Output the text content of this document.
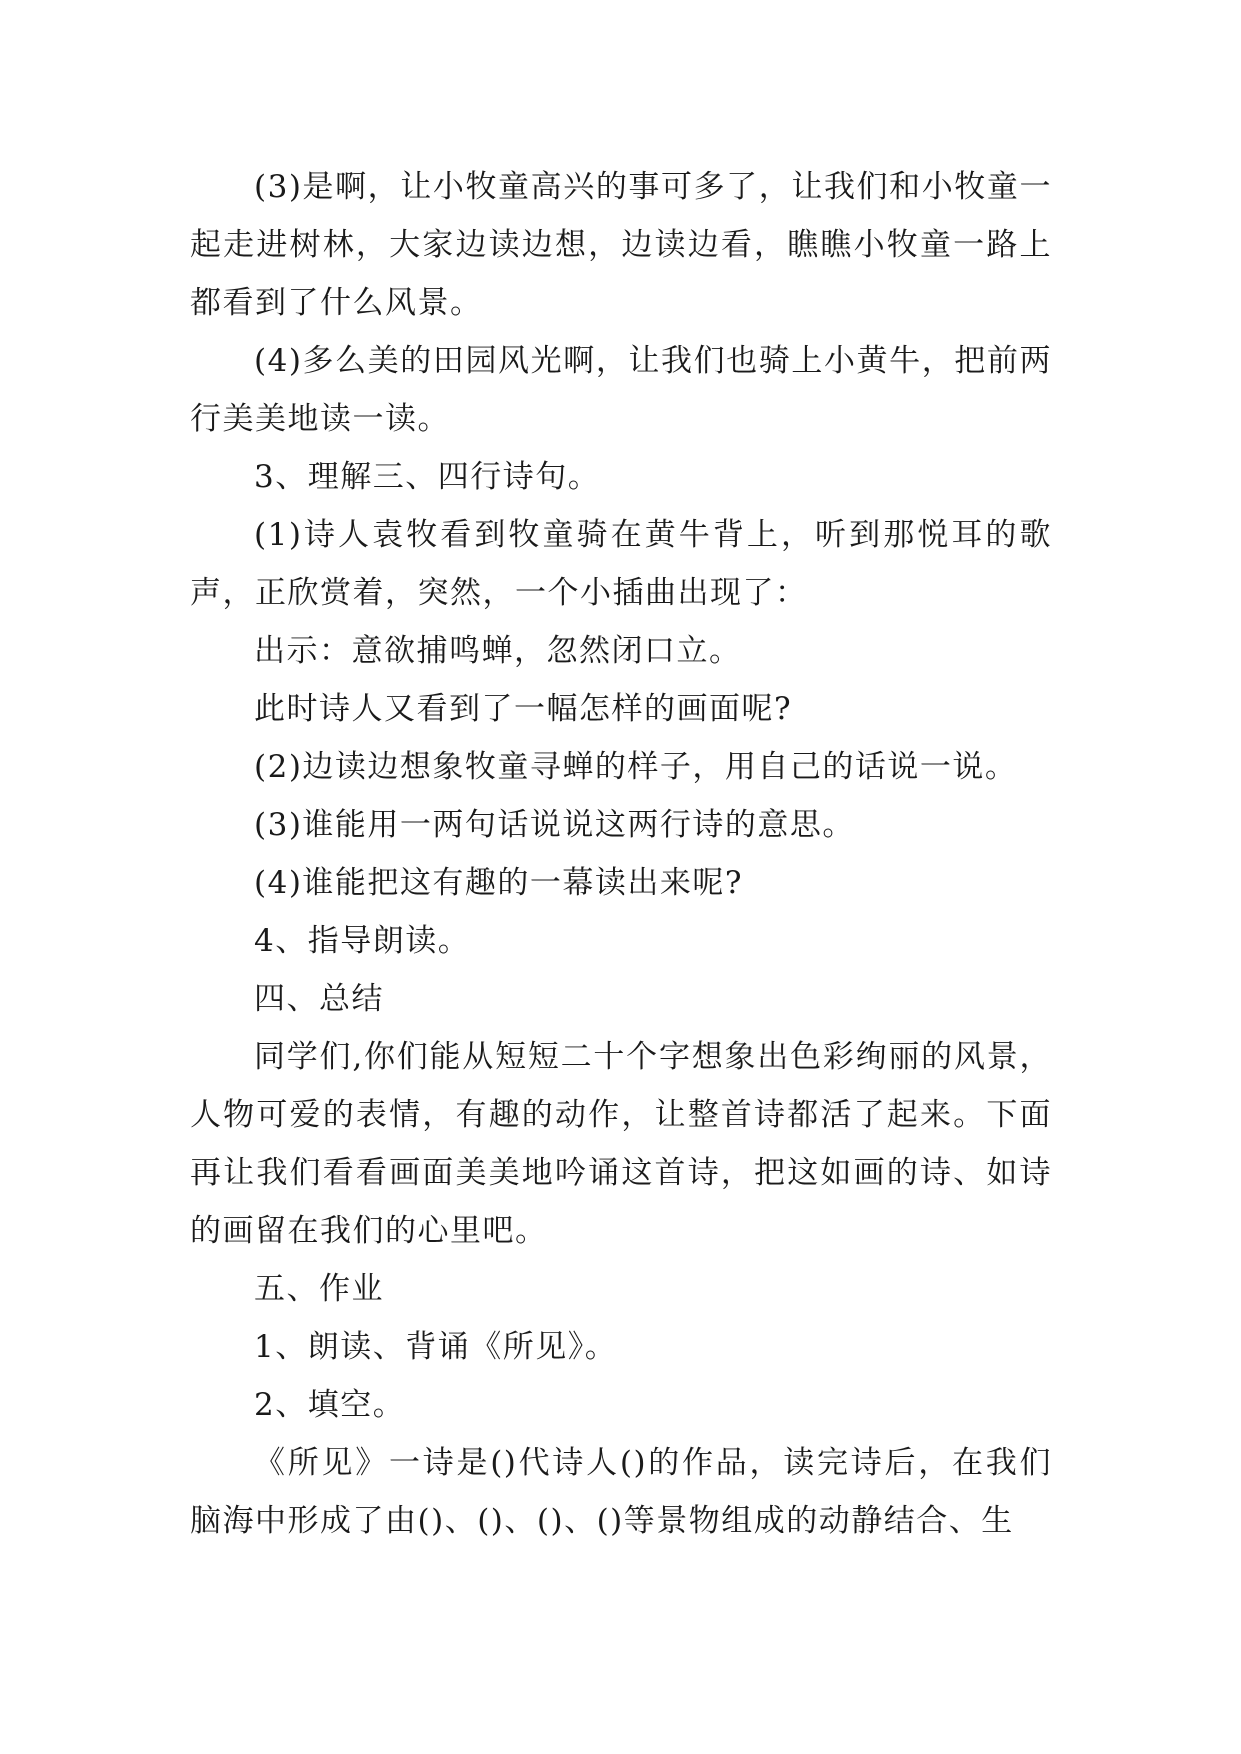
(3)是啊，让小牧童高兴的事可多了，让我们和小牧童一起走进树林，大家边读边想，边读边看，瞧瞧小牧童一路上都看到了什么风景。

(4)多么美的田园风光啊，让我们也骑上小黄牛，把前两行美美地读一读。

3、理解三、四行诗句。

(1)诗人袁牧看到牧童骑在黄牛背上，听到那悦耳的歌声，正欣赏着，突然，一个小插曲出现了：

出示：意欲捕鸣蝉，忽然闭口立。

此时诗人又看到了一幅怎样的画面呢?

(2)边读边想象牧童寻蝉的样子，用自己的话说一说。

(3)谁能用一两句话说说这两行诗的意思。

(4)谁能把这有趣的一幕读出来呢?

4、指导朗读。

四、总结

同学们,你们能从短短二十个字想象出色彩绚丽的风景，人物可爱的表情，有趣的动作，让整首诗都活了起来。下面再让我们看看画面美美地吟诵这首诗，把这如画的诗、如诗的画留在我们的心里吧。

五、作业

1、朗读、背诵《所见》。

2、填空。

《所见》一诗是()代诗人()的作品，读完诗后，在我们脑海中形成了由()、()、()、()等景物组成的动静结合、生
